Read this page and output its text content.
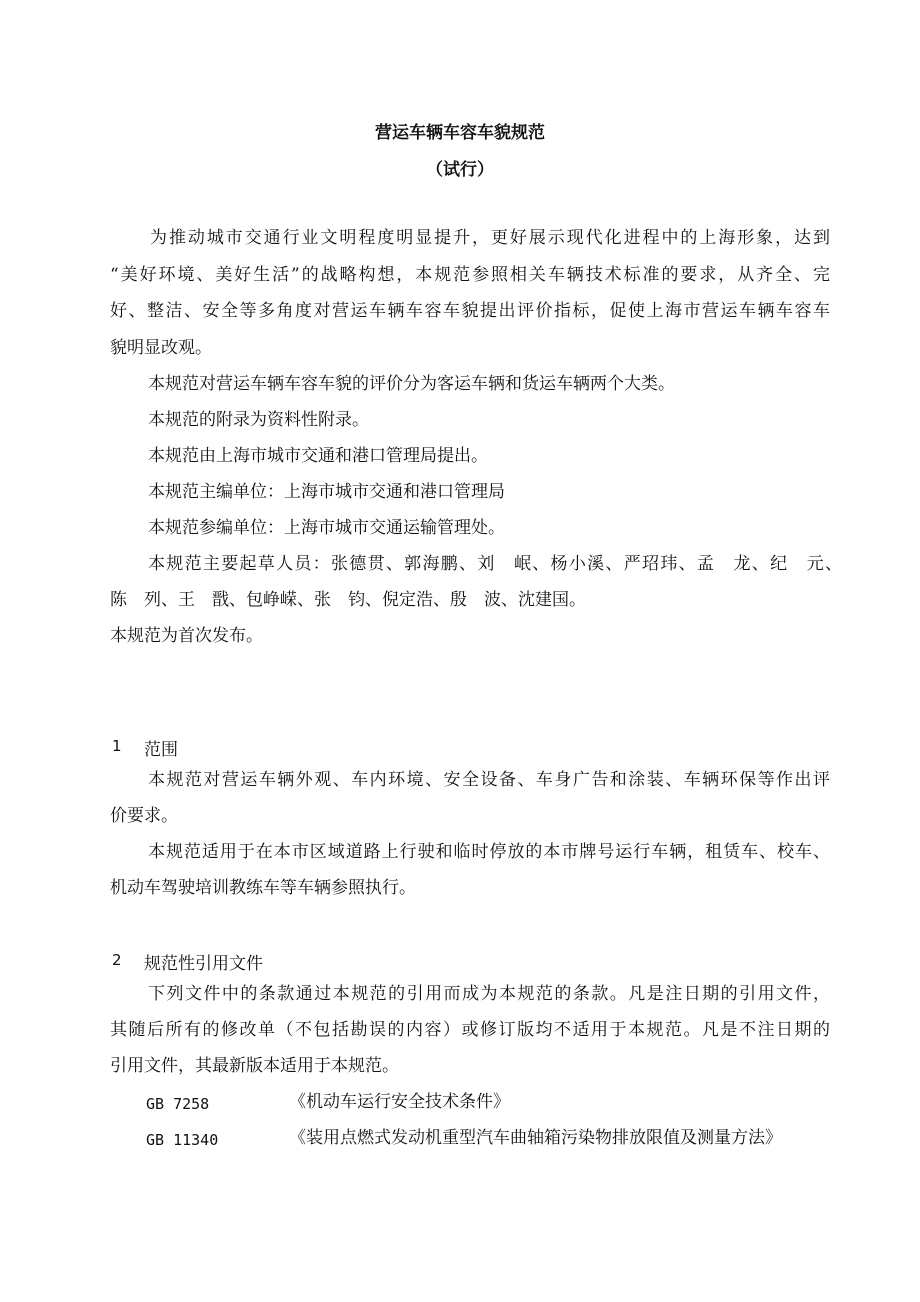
营运车辆车容车貌规范
（试行）
为推动城市交通行业文明程度明显提升，更好展示现代化进程中的上海形象，达到
“美好环境、美好生活”的战略构想，本规范参照相关车辆技术标准的要求，从齐全、完
好、整洁、安全等多角度对营运车辆车容车貌提出评价指标，促使上海市营运车辆车容车
貌明显改观。
本规范对营运车辆车容车貌的评价分为客运车辆和货运车辆两个大类。
本规范的附录为资料性附录。
本规范由上海市城市交通和港口管理局提出。
本规范主编单位：上海市城市交通和港口管理局
本规范参编单位：上海市城市交通运输管理处。
本规范主要起草人员：张德贯、郭海鹏、刘　岷、杨小溪、严玿玮、孟　龙、纪　元、
陈　列、王　戬、包峥嵘、张　钧、倪定浩、殷　波、沈建国。
本规范为首次发布。
1 范围
本规范对营运车辆外观、车内环境、安全设备、车身广告和涂装、车辆环保等作出评
价要求。
本规范适用于在本市区域道路上行驶和临时停放的本市牌号运行车辆，租赁车、校车、
机动车驾驶培训教练车等车辆参照执行。
2 规范性引用文件
下列文件中的条款通过本规范的引用而成为本规范的条款。凡是注日期的引用文件，
其随后所有的修改单（不包括勘误的内容）或修订版均不适用于本规范。凡是不注日期的
引用文件，其最新版本适用于本规范。
GB 7258	《机动车运行安全技术条件》
GB 11340	《装用点燃式发动机重型汽车曲轴箱污染物排放限值及测量方法》
